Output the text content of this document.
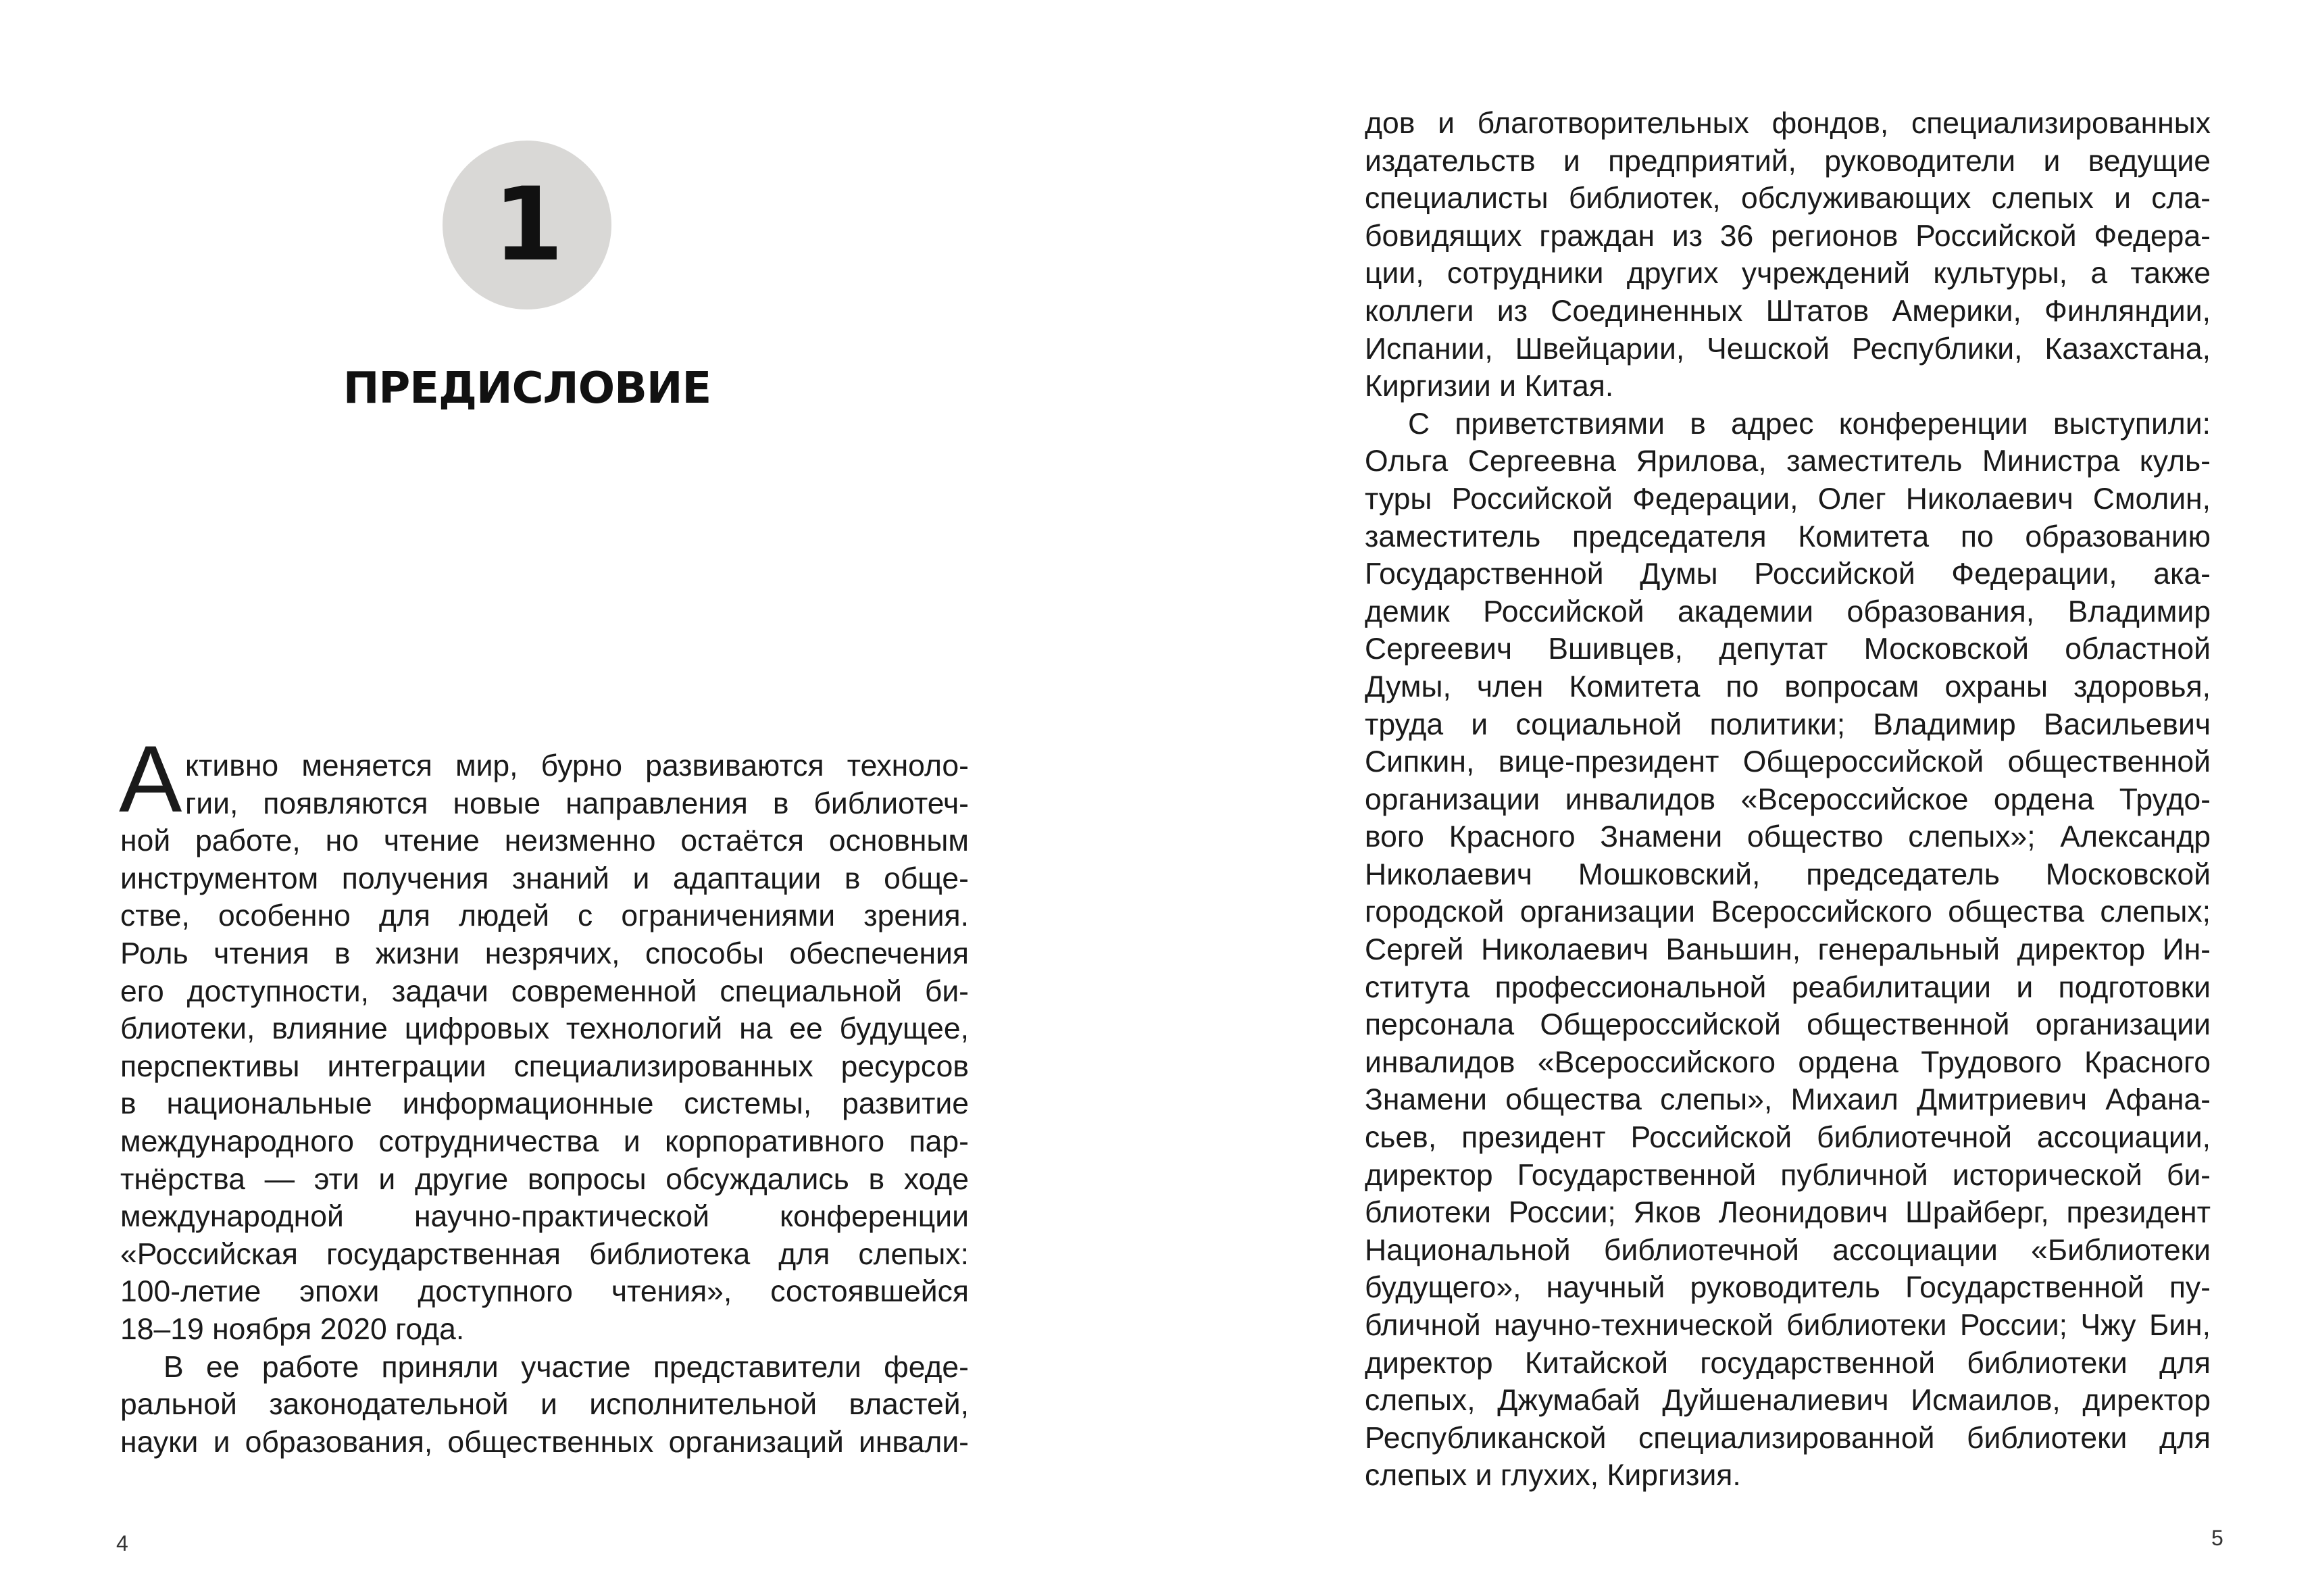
1
ПРЕДИСЛОВИЕ
А ктивно меняется мир, бурно развиваются техноло-
гии, появляются новые направления в библиотеч-
ной работе, но чтение неизменно остаётся основным
инструментом получения знаний и адаптации в обще-
стве, особенно для людей с ограничениями зрения.
Роль чтения в жизни незрячих, способы обеспечения
его доступности, задачи современной специальной би-
блиотеки, влияние цифровых технологий на ее будущее,
перспективы интеграции специализированных ресурсов
в национальные информационные системы, развитие
международного сотрудничества и корпоративного пар-
тнёрства — эти и другие вопросы обсуждались в ходе
международной научно-практической конференции
«Российская государственная библиотека для слепых:
100-летие эпохи доступного чтения», состоявшейся
18–19 ноября 2020 года.
В ее работе приняли участие представители феде-
ральной законодательной и исполнительной властей,
науки и образования, общественных организаций инвали-
4
дов и благотворительных фондов, специализированных
издательств и предприятий, руководители и ведущие
специалисты библиотек, обслуживающих слепых и сла-
бовидящих граждан из 36 регионов Российской Федера-
ции, сотрудники других учреждений культуры, а также
коллеги из Соединенных Штатов Америки, Финляндии,
Испании, Швейцарии, Чешской Республики, Казахстана,
Киргизии и Китая.
С приветствиями в адрес конференции выступили:
Ольга Сергеевна Ярилова, заместитель Министра куль-
туры Российской Федерации, Олег Николаевич Смолин,
заместитель председателя Комитета по образованию
Государственной Думы Российской Федерации, ака-
демик Российской академии образования, Владимир
Сергеевич Вшивцев, депутат Московской областной
Думы, член Комитета по вопросам охраны здоровья,
труда и социальной политики; Владимир Васильевич
Сипкин, вице-президент Общероссийской общественной
организации инвалидов «Всероссийское ордена Трудо-
вого Красного Знамени общество слепых»; Александр
Николаевич Мошковский, председатель Московской
городской организации Всероссийского общества слепых;
Сергей Николаевич Ваньшин, генеральный директор Ин-
ститута профессиональной реабилитации и подготовки
персонала Общероссийской общественной организации
инвалидов «Всероссийского ордена Трудового Красного
Знамени общества слепы», Михаил Дмитриевич Афана-
сьев, президент Российской библиотечной ассоциации,
директор Государственной публичной исторической би-
блиотеки России; Яков Леонидович Шрайберг, президент
Национальной библиотечной ассоциации «Библиотеки
будущего», научный руководитель Государственной пу-
бличной научно-технической библиотеки России; Чжу Бин,
директор Китайской государственной библиотеки для
слепых, Джумабай Дуйшеналиевич Исмаилов, директор
Республиканской специализированной библиотеки для
слепых и глухих, Киргизия.
5
